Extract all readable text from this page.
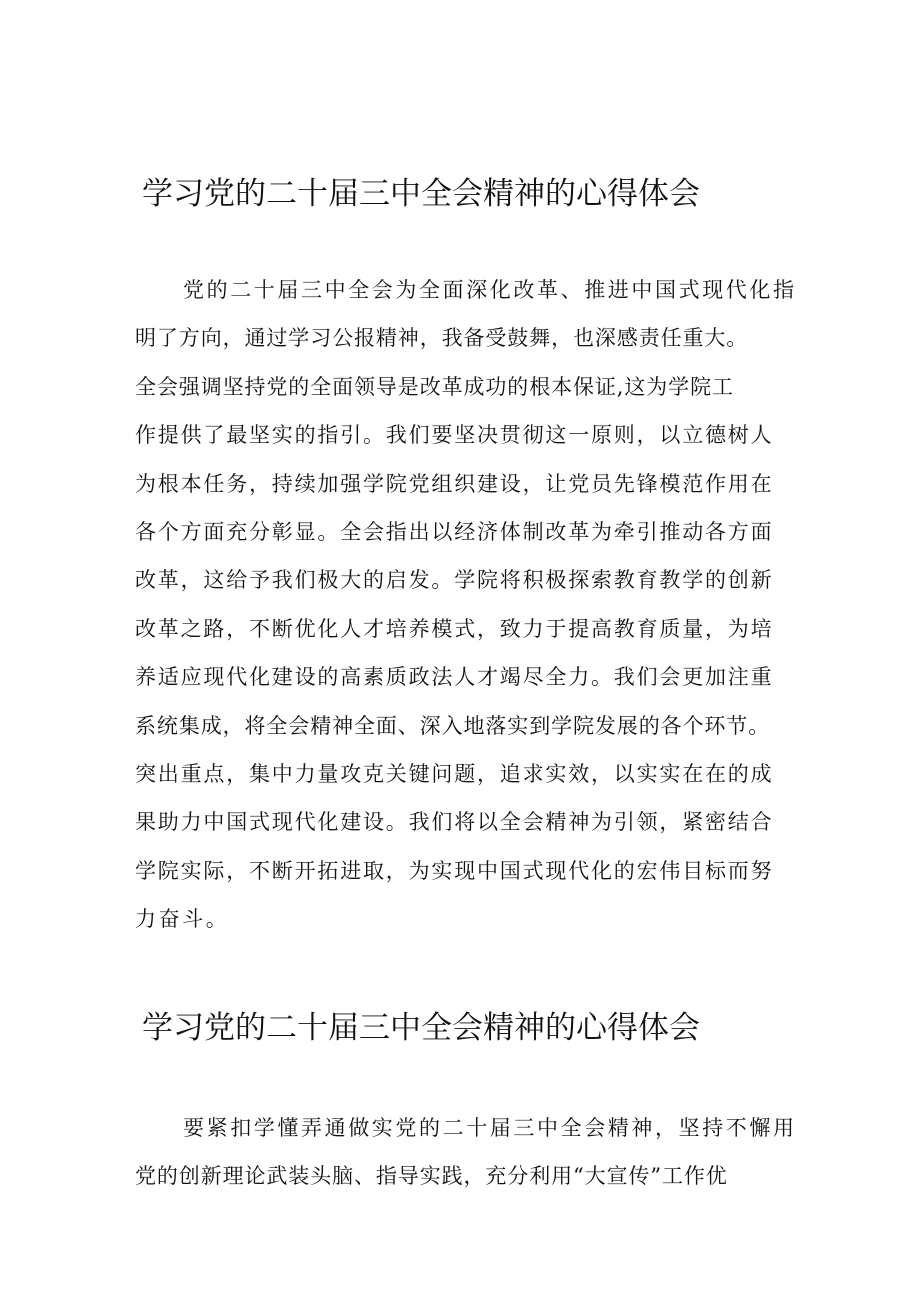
学习党的二十届三中全会精神的心得体会
党的二十届三中全会为全面深化改革、推进中国式现代化指
明了方向，通过学习公报精神，我备受鼓舞，也深感责任重大。
全会强调坚持党的全面领导是改革成功的根本保证,这为学院工
作提供了最坚实的指引。我们要坚决贯彻这一原则，以立德树人
为根本任务，持续加强学院党组织建设，让党员先锋模范作用在
各个方面充分彰显。全会指出以经济体制改革为牵引推动各方面
改革，这给予我们极大的启发。学院将积极探索教育教学的创新
改革之路，不断优化人才培养模式，致力于提高教育质量，为培
养适应现代化建设的高素质政法人才竭尽全力。我们会更加注重
系统集成，将全会精神全面、深入地落实到学院发展的各个环节。
突出重点，集中力量攻克关键问题，追求实效，以实实在在的成
果助力中国式现代化建设。我们将以全会精神为引领，紧密结合
学院实际，不断开拓进取，为实现中国式现代化的宏伟目标而努
力奋斗。
学习党的二十届三中全会精神的心得体会
要紧扣学懂弄通做实党的二十届三中全会精神，坚持不懈用
党的创新理论武装头脑、指导实践，充分利用“大宣传”工作优
